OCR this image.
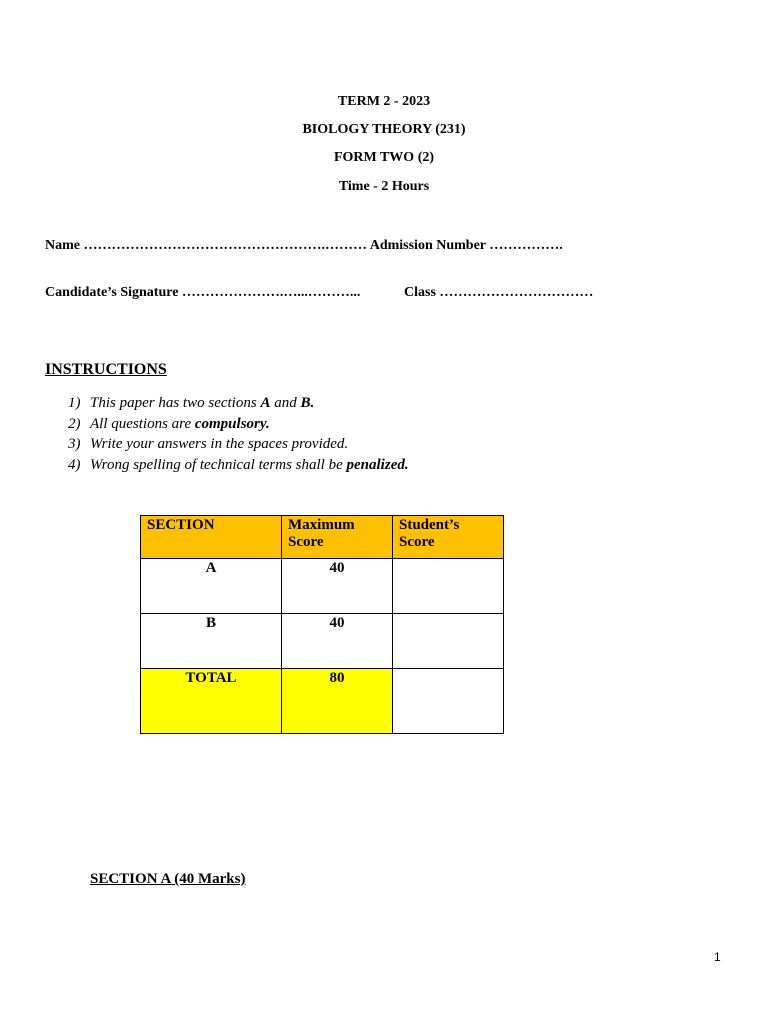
TERM 2 - 2023
BIOLOGY THEORY (231)
FORM TWO (2)
Time - 2 Hours
Name …………………………………………….……… Admission Number …………….
Candidate’s Signature ………………….…...………...	Class ……………………………
INSTRUCTIONS
1) This paper has two sections A and B.
2) All questions are compulsory.
3) Write your answers in the spaces provided.
4) Wrong spelling of technical terms shall be penalized.
SECTION	Maximum Score	Student’s Score
A	40	
B	40	
TOTAL	80	
SECTION A (40 Marks)
1
